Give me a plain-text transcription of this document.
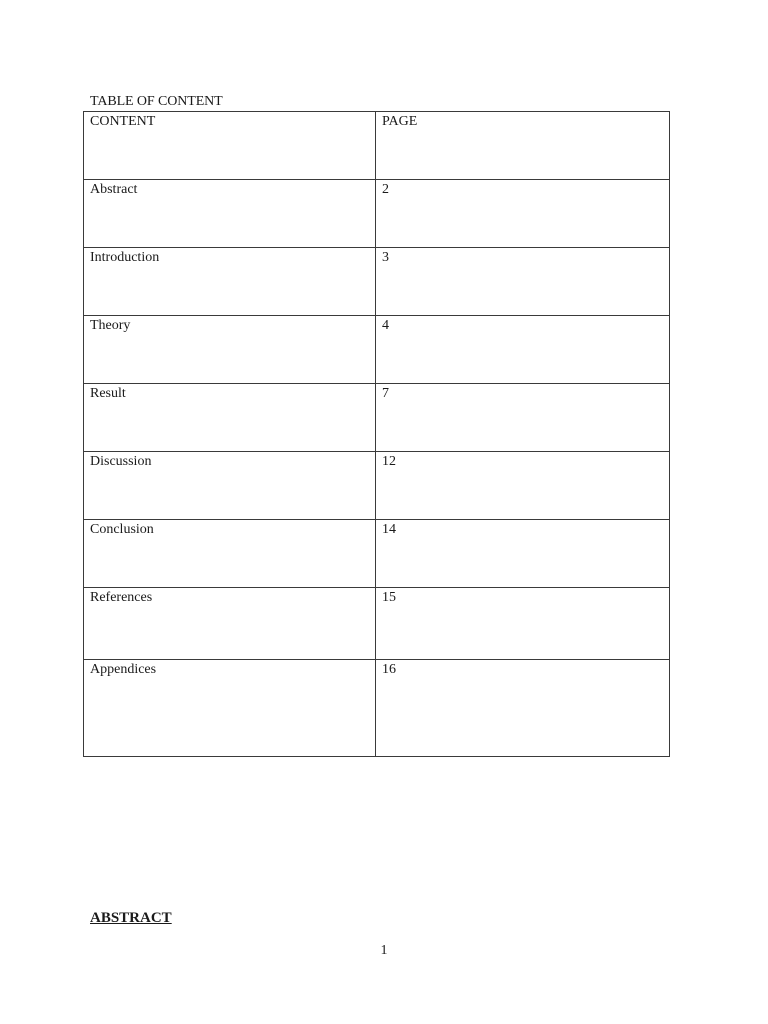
TABLE OF CONTENT
CONTENT	PAGE
Abstract	2
Introduction	3
Theory	4
Result	7
Discussion	12
Conclusion	14
References	15
Appendices	16
ABSTRACT
1
